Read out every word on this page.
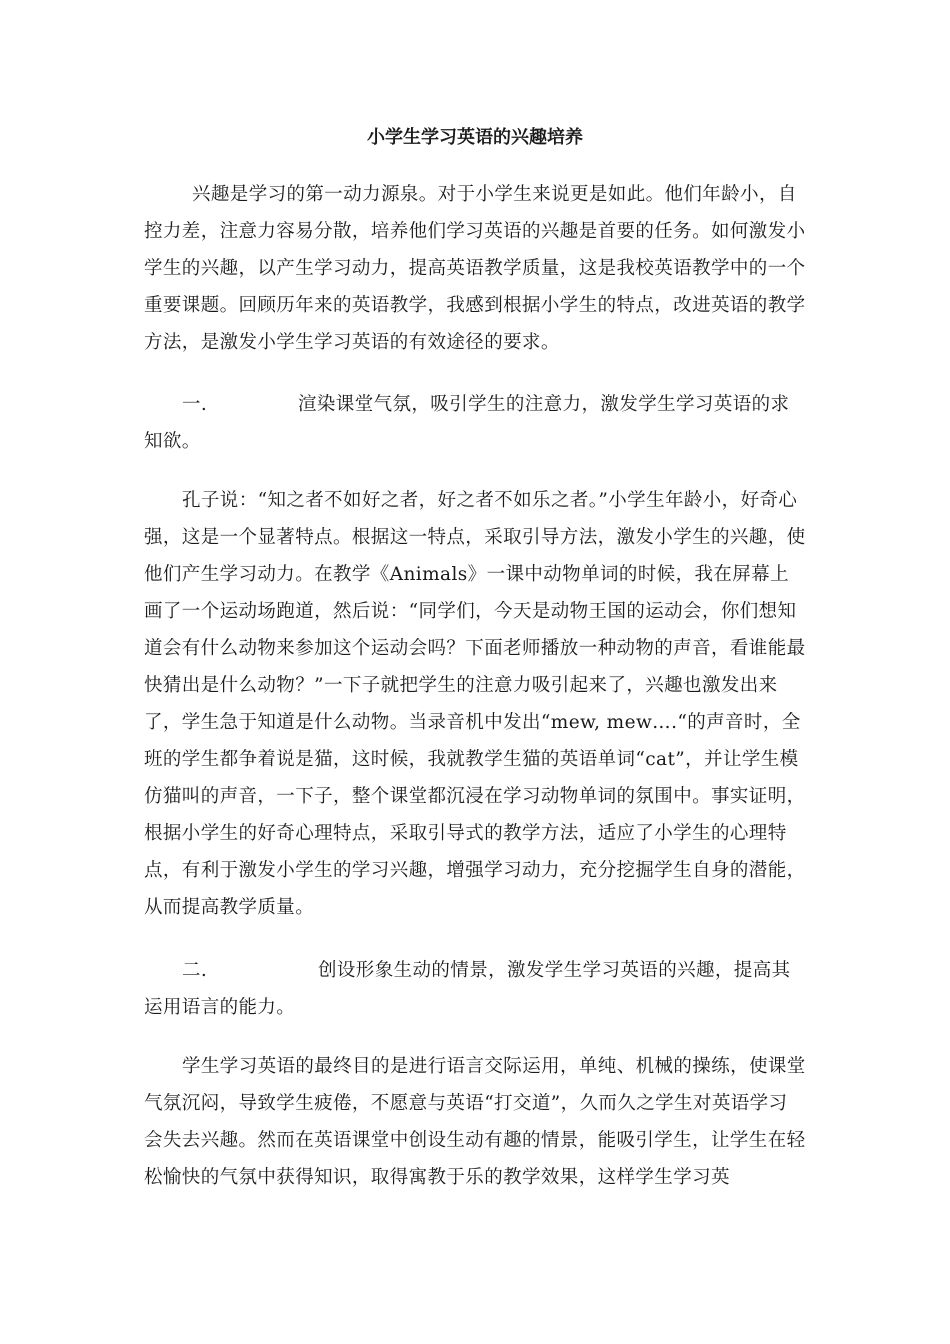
小学生学习英语的兴趣培养

兴趣是学习的第一动力源泉。对于小学生来说更是如此。他们年龄小，自控力差，注意力容易分散，培养他们学习英语的兴趣是首要的任务。如何激发小学生的兴趣，以产生学习动力，提高英语教学质量，这是我校英语教学中的一个重要课题。回顾历年来的英语教学，我感到根据小学生的特点，改进英语的教学方法，是激发小学生学习英语的有效途径的要求。

一.	渲染课堂气氛，吸引学生的注意力，激发学生学习英语的求知欲。

孔子说：“知之者不如好之者，好之者不如乐之者。”小学生年龄小，好奇心强，这是一个显著特点。根据这一特点，采取引导方法，激发小学生的兴趣，使他们产生学习动力。在教学《Animals》一课中动物单词的时候，我在屏幕上画了一个运动场跑道，然后说：“同学们，今天是动物王国的运动会，你们想知道会有什么动物来参加这个运动会吗？下面老师播放一种动物的声音，看谁能最快猜出是什么动物？”一下子就把学生的注意力吸引起来了，兴趣也激发出来了，学生急于知道是什么动物。当录音机中发出“mew, mew….“的声音时，全班的学生都争着说是猫，这时候，我就教学生猫的英语单词“cat”，并让学生模仿猫叫的声音，一下子，整个课堂都沉浸在学习动物单词的氛围中。事实证明，根据小学生的好奇心理特点，采取引导式的教学方法，适应了小学生的心理特点，有利于激发小学生的学习兴趣，增强学习动力，充分挖掘学生自身的潜能，从而提高教学质量。

二.	创设形象生动的情景，激发学生学习英语的兴趣，提高其运用语言的能力。

学生学习英语的最终目的是进行语言交际运用，单纯、机械的操练，使课堂气氛沉闷，导致学生疲倦，不愿意与英语“打交道”，久而久之学生对英语学习会失去兴趣。然而在英语课堂中创设生动有趣的情景，能吸引学生，让学生在轻松愉快的气氛中获得知识，取得寓教于乐的教学效果，这样学生学习英
